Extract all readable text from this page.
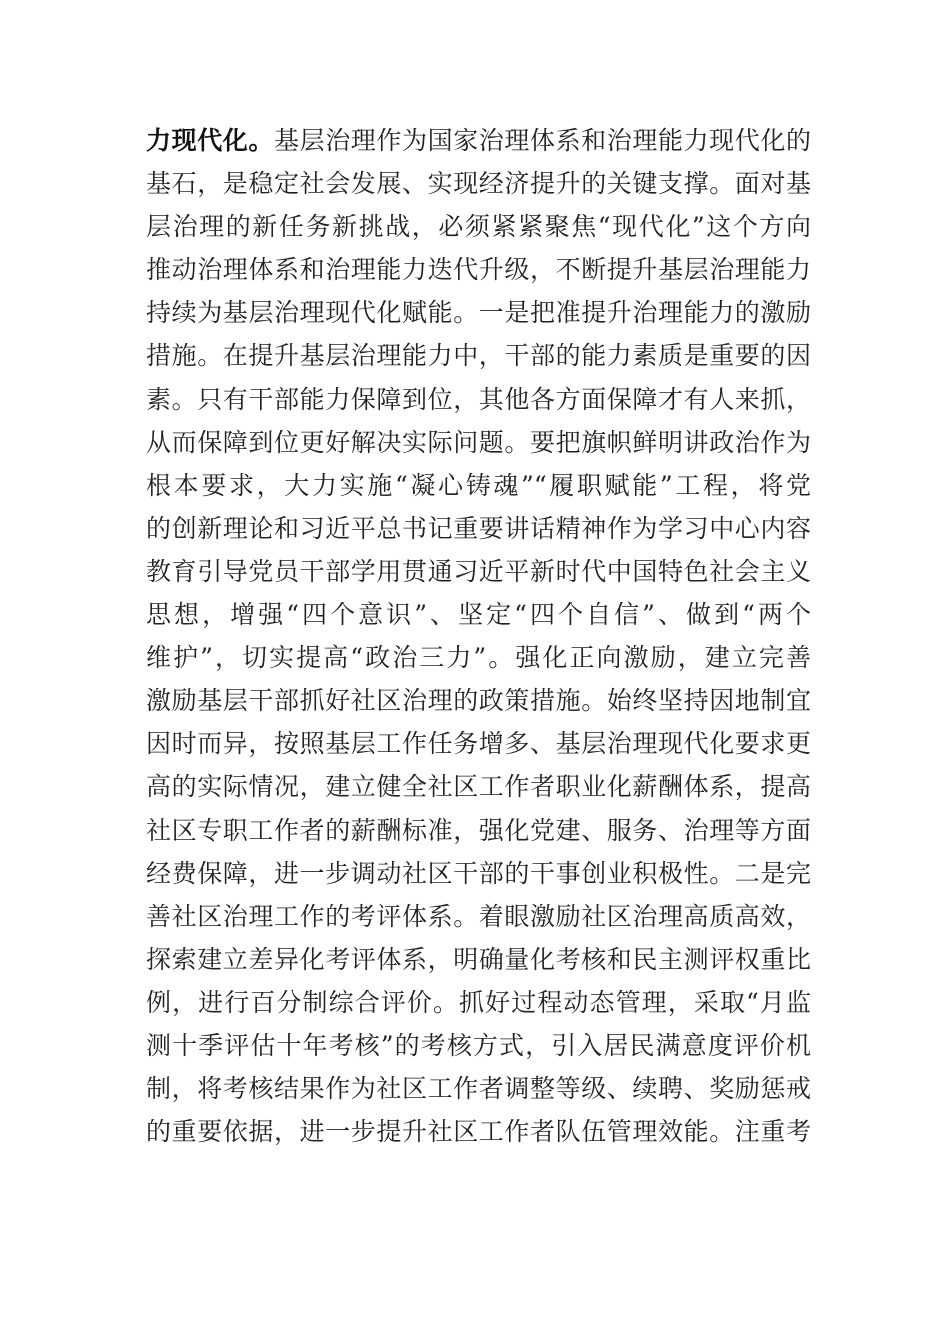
力现代化。基层治理作为国家治理体系和治理能力现代化的
基石，是稳定社会发展、实现经济提升的关键支撑。面对基
层治理的新任务新挑战，必须紧紧聚焦“现代化”这个方向
推动治理体系和治理能力迭代升级，不断提升基层治理能力
持续为基层治理现代化赋能。一是把准提升治理能力的激励
措施。在提升基层治理能力中，干部的能力素质是重要的因
素。只有干部能力保障到位，其他各方面保障才有人来抓，
从而保障到位更好解决实际问题。要把旗帜鲜明讲政治作为
根本要求，大力实施“凝心铸魂”“履职赋能”工程，将党
的创新理论和习近平总书记重要讲话精神作为学习中心内容
教育引导党员干部学用贯通习近平新时代中国特色社会主义
思想，增强“四个意识”、坚定“四个自信”、做到“两个
维护”，切实提高“政治三力”。强化正向激励，建立完善
激励基层干部抓好社区治理的政策措施。始终坚持因地制宜
因时而异，按照基层工作任务增多、基层治理现代化要求更
高的实际情况，建立健全社区工作者职业化薪酬体系，提高
社区专职工作者的薪酬标准，强化党建、服务、治理等方面
经费保障，进一步调动社区干部的干事创业积极性。二是完
善社区治理工作的考评体系。着眼激励社区治理高质高效，
探索建立差异化考评体系，明确量化考核和民主测评权重比
例，进行百分制综合评价。抓好过程动态管理，采取“月监
测十季评估十年考核”的考核方式，引入居民满意度评价机
制，将考核结果作为社区工作者调整等级、续聘、奖励惩戒
的重要依据，进一步提升社区工作者队伍管理效能。注重考
